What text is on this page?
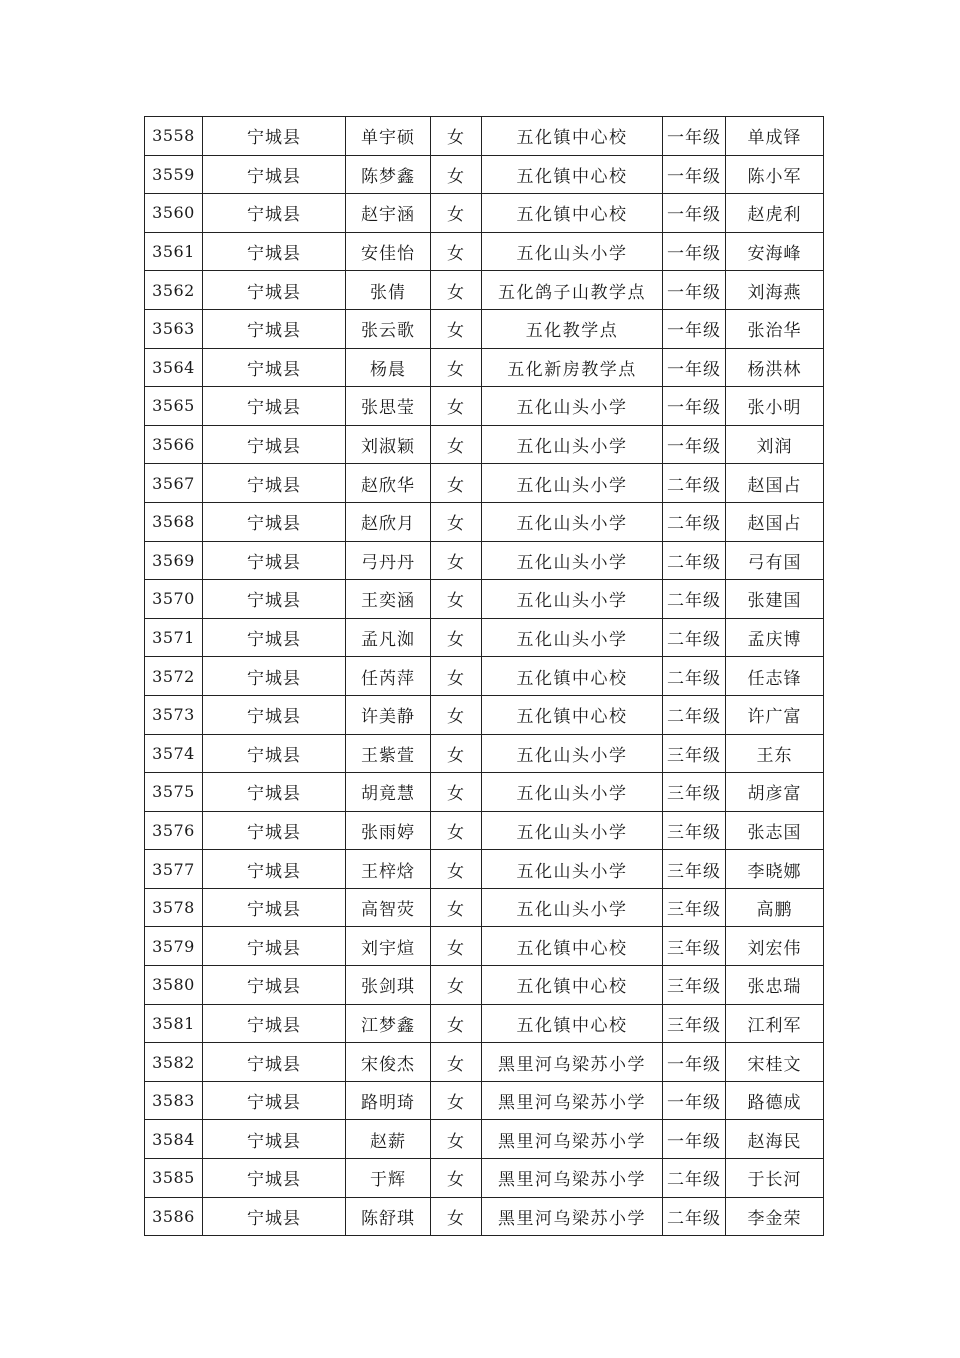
3558	宁城县	单宇硕	女	五化镇中心校	一年级	单成铎
3559	宁城县	陈梦鑫	女	五化镇中心校	一年级	陈小军
3560	宁城县	赵宇涵	女	五化镇中心校	一年级	赵虎利
3561	宁城县	安佳怡	女	五化山头小学	一年级	安海峰
3562	宁城县	张倩	女	五化鸽子山教学点	一年级	刘海燕
3563	宁城县	张云歌	女	五化教学点	一年级	张治华
3564	宁城县	杨晨	女	五化新房教学点	一年级	杨洪林
3565	宁城县	张思莹	女	五化山头小学	一年级	张小明
3566	宁城县	刘淑颖	女	五化山头小学	一年级	刘润
3567	宁城县	赵欣华	女	五化山头小学	二年级	赵国占
3568	宁城县	赵欣月	女	五化山头小学	二年级	赵国占
3569	宁城县	弓丹丹	女	五化山头小学	二年级	弓有国
3570	宁城县	王奕涵	女	五化山头小学	二年级	张建国
3571	宁城县	孟凡洳	女	五化山头小学	二年级	孟庆博
3572	宁城县	任芮萍	女	五化镇中心校	二年级	任志锋
3573	宁城县	许美静	女	五化镇中心校	二年级	许广富
3574	宁城县	王紫萱	女	五化山头小学	三年级	王东
3575	宁城县	胡竟慧	女	五化山头小学	三年级	胡彦富
3576	宁城县	张雨婷	女	五化山头小学	三年级	张志国
3577	宁城县	王梓焓	女	五化山头小学	三年级	李晓娜
3578	宁城县	高智荧	女	五化山头小学	三年级	高鹏
3579	宁城县	刘宇煊	女	五化镇中心校	三年级	刘宏伟
3580	宁城县	张剑琪	女	五化镇中心校	三年级	张忠瑞
3581	宁城县	江梦鑫	女	五化镇中心校	三年级	江利军
3582	宁城县	宋俊杰	女	黑里河乌梁苏小学	一年级	宋桂文
3583	宁城县	路明琦	女	黑里河乌梁苏小学	一年级	路德成
3584	宁城县	赵薪	女	黑里河乌梁苏小学	一年级	赵海民
3585	宁城县	于辉	女	黑里河乌梁苏小学	二年级	于长河
3586	宁城县	陈舒琪	女	黑里河乌梁苏小学	二年级	李金荣
